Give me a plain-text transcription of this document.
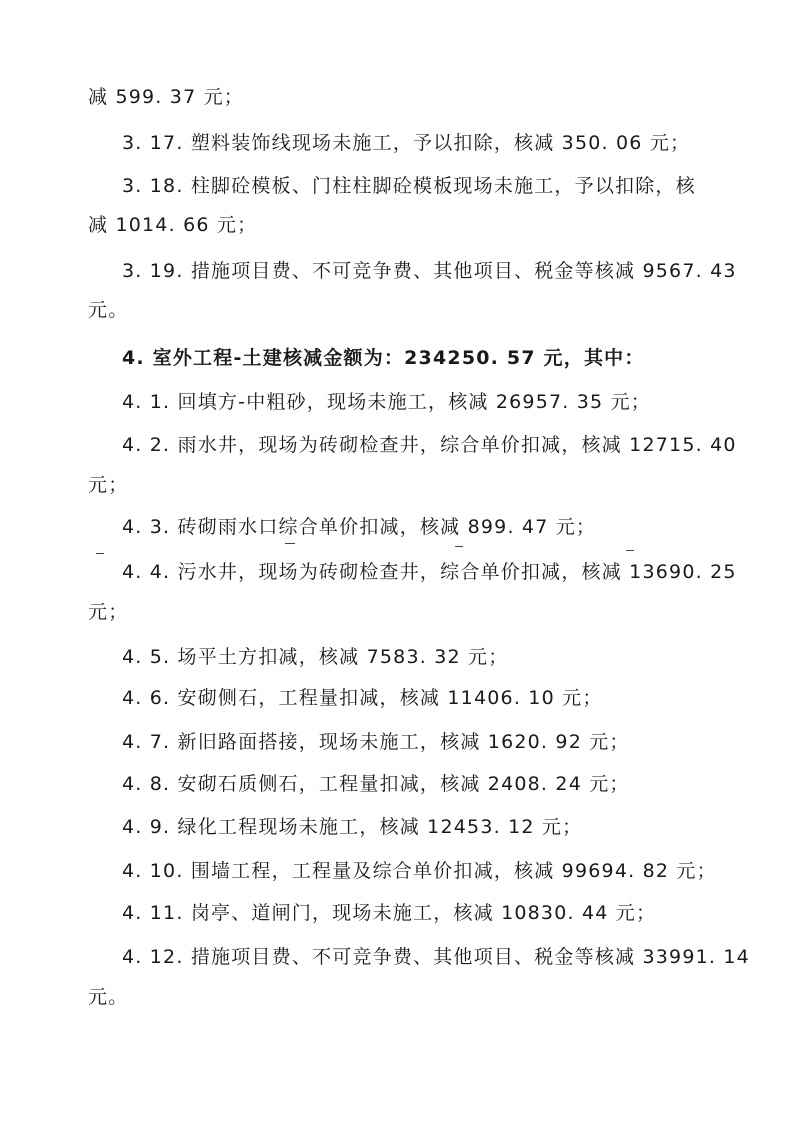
减 599. 37 元；
3. 17. 塑料装饰线现场未施工，予以扣除，核减 350. 06 元；
3. 18. 柱脚砼模板、门柱柱脚砼模板现场未施工，予以扣除，核
减 1014. 66 元；
3. 19. 措施项目费、不可竞争费、其他项目、税金等核减 9567. 43
元。
4. 室外工程-土建核减金额为：234250. 57 元，其中：
4. 1. 回填方-中粗砂，现场未施工，核减 26957. 35 元；
4. 2. 雨水井，现场为砖砌检查井，综合单价扣减，核减 12715. 40
元；
4. 3. 砖砌雨水口综合单价扣减，核减 899. 47 元；
4. 4. 污水井，现场为砖砌检查井，综合单价扣减，核减 13690. 25
元；
4. 5. 场平土方扣减，核减 7583. 32 元；
4. 6. 安砌侧石，工程量扣减，核减 11406. 10 元；
4. 7. 新旧路面搭接，现场未施工，核减 1620. 92 元；
4. 8. 安砌石质侧石，工程量扣减，核减 2408. 24 元；
4. 9. 绿化工程现场未施工，核减 12453. 12 元；
4. 10. 围墙工程，工程量及综合单价扣减，核减 99694. 82 元；
4. 11. 岗亭、道闸门，现场未施工，核减 10830. 44 元；
4. 12. 措施项目费、不可竞争费、其他项目、税金等核减 33991. 14
元。
